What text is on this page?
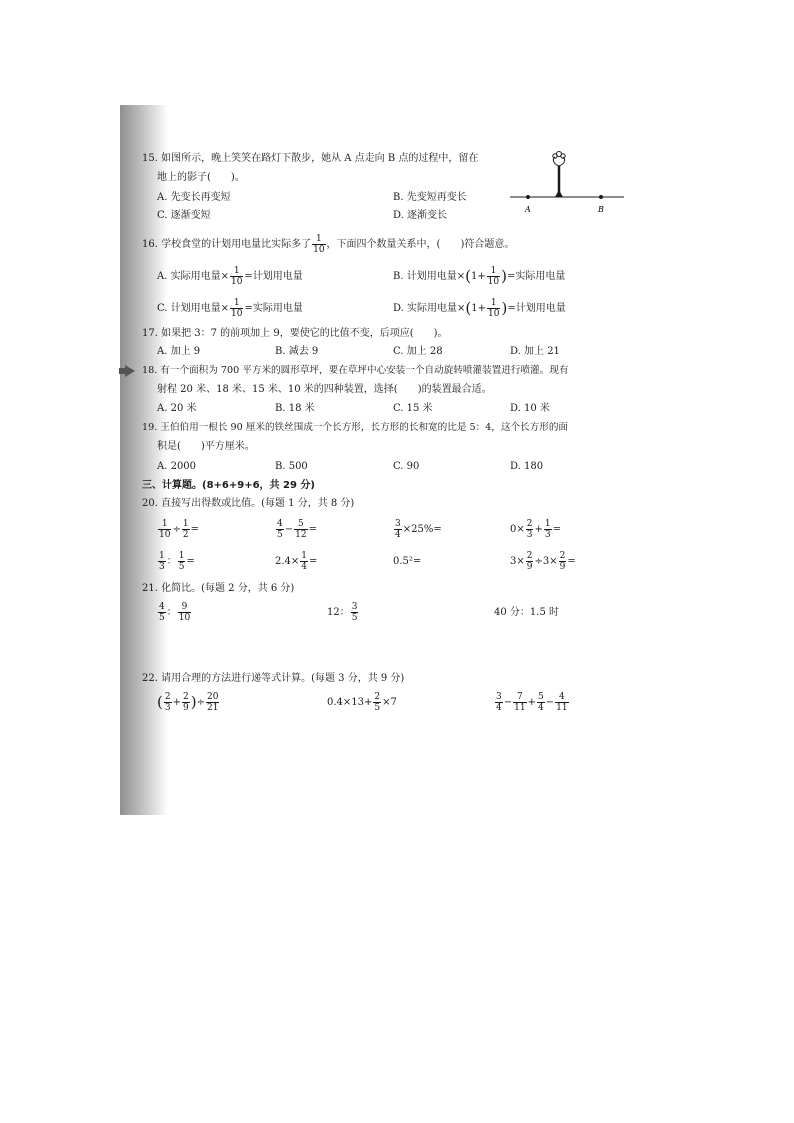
15. 如图所示，晚上笑笑在路灯下散步，她从 A 点走向 B 点的过程中，留在
地上的影子(　　)。
A. 先变长再变短	B. 先变短再变长
C. 逐渐变短	D. 逐渐变长
A	B
16. 学校食堂的计划用电量比实际多了 $\frac{1}{10}$ ，下面四个数量关系中，(　　)符合题意。
A. 实际用电量× $\frac{1}{10}$ =计划用电量	B. 计划用电量$\times(1+ \frac{1}{10}$ )=实际用电量
C. 计划用电量× $\frac{1}{10}$ =实际用电量	D. 实际用电量$\times(1+ \frac{1}{10}$ )=计划用电量
17. 如果把 3：7 的前项加上 9，要使它的比值不变，后项应(　　)。
A. 加上 9	B. 减去 9	C. 加上 28	D. 加上 21
18. 有一个面积为 700 平方米的圆形草坪，要在草坪中心安装一个自动旋转喷灌装置进行喷灌。现有
射程 20 米、18 米、15 米、10 米的四种装置，选择(　　)的装置最合适。
A. 20 米	B. 18 米	C. 15 米	D. 10 米
19. 王伯伯用一根长 90 厘米的铁丝围成一个长方形，长方形的长和宽的比是 5：4，这个长方形的面
积是(　　)平方厘米。
A. 2000	B. 500	C. 90	D. 180
三、计算题。(8+6+9+6，共 29 分)
20. 直接写出得数或比值。(每题 1 分，共 8 分)
$\frac{1}{10} \div \frac{1}{2}$ =	$\frac{4}{5} - \frac{5}{12}$ =	$\frac{3}{4} \times 25\%=$	$0\times \frac{2}{3} + \frac{1}{3}$ =
$\frac{1}{3}$ ： $\frac{1}{5}$ =	$2.4\times \frac{1}{4}$ =	0.5²=	$3\times \frac{2}{9} \div 3\times \frac{2}{9}$ =
21. 化简比。(每题 2 分，共 6 分)
$\frac{4}{5}$ ： $\frac{9}{10}$	12： $\frac{3}{5}$	40 分：1.5 时
22. 请用合理的方法进行递等式计算。(每题 3 分，共 9 分)
( $\frac{2}{3} + \frac{2}{9}$ )÷ $\frac{20}{21}$	$0.4\times 13+ \frac{2}{5} \times 7$	$\frac{3}{4} - \frac{7}{11} + \frac{5}{4} - \frac{4}{11}$
